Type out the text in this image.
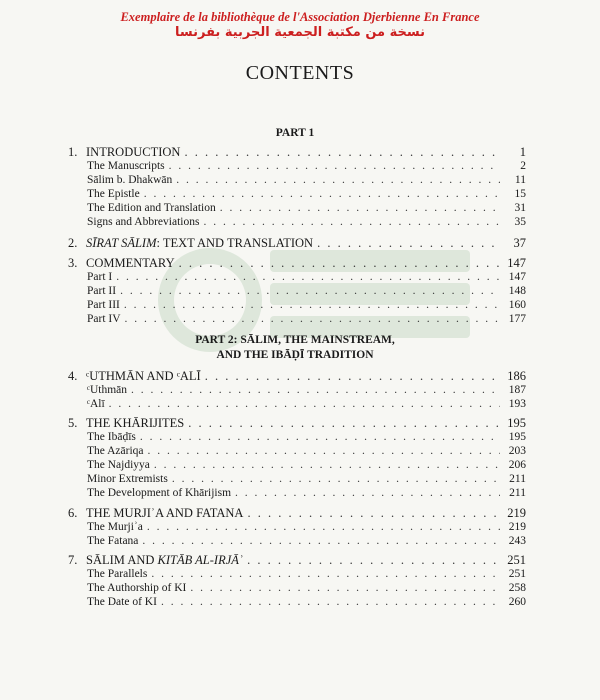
Exemplaire de la bibliothèque de l'Association Djerbienne En France
نسخة من مكتبة الجمعية الجربية بفرنسا
CONTENTS
PART 1
PART 2: SĀLIM, THE MAINSTREAM,
AND THE IBĀḌĪ TRADITION
1. INTRODUCTION . . .	1
The Manuscripts . . .	2
Sālim b. Dhakwān . . .	11
The Epistle . . .	15
The Edition and Translation . . .	31
Signs and Abbreviations . . .	35
2. SĪRAT SĀLIM: TEXT AND TRANSLATION . . .	37
3. COMMENTARY . . .	147
Part I . . .	147
Part II . . .	148
Part III . . .	160
Part IV . . .	177
4. ᶜUTHMĀN AND ᶜALĪ . . .	186
ᶜUthmān . . .	187
ᶜAlī . . .	193
5. THE KHĀRIJITES . . .	195
The Ibāḍīs . . .	195
The Azāriqa . . .	203
The Najdiyya . . .	206
Minor Extremists . . .	211
The Development of Khārijism . . .	211
6. THE MURJIʾA AND FATANA . . .	219
The Murjiʾa . . .	219
The Fatana . . .	243
7. SĀLIM AND KITĀB AL-IRJĀʾ . . .	251
The Parallels . . .	251
The Authorship of KI . . .	258
The Date of KI . . .	260
